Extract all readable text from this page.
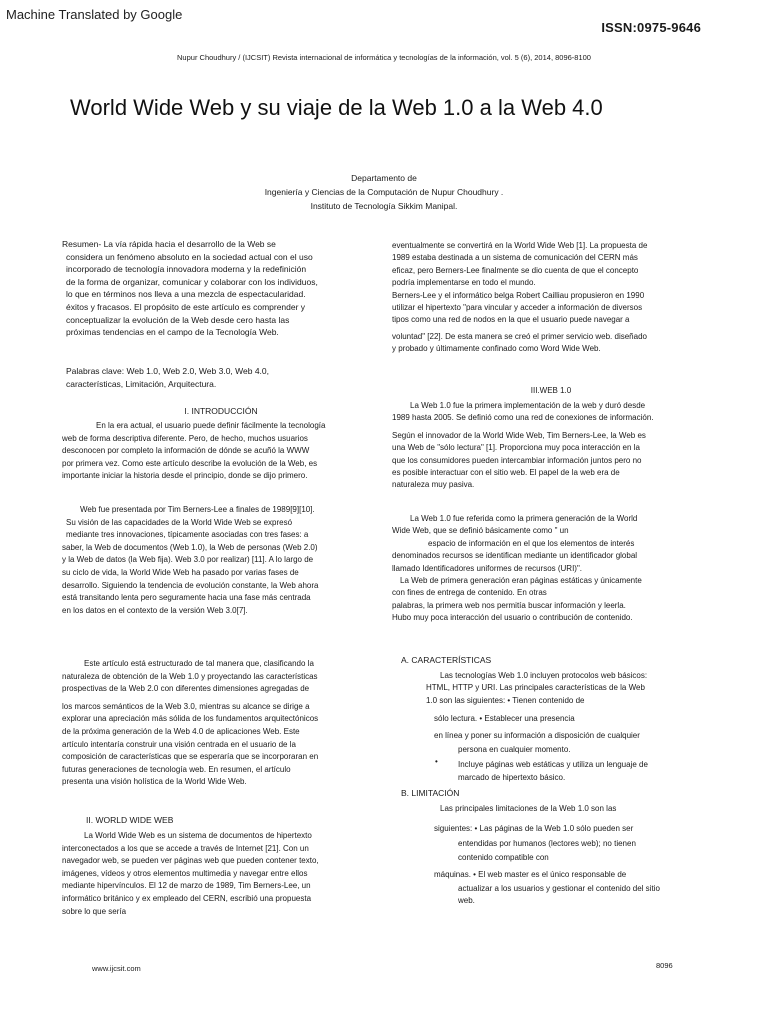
Machine Translated by Google
ISSN:0975-9646
Nupur Choudhury / (IJCSIT) Revista internacional de informática y tecnologías de la información, vol. 5 (6), 2014, 8096-8100
World Wide Web y su viaje de la Web 1.0 a la Web 4.0
Departamento de
Ingeniería y Ciencias de la Computación de Nupur Choudhury .
Instituto de Tecnología Sikkim Manipal.
Resumen- La vía rápida hacia el desarrollo de la Web se
considera un fenómeno absoluto en la sociedad actual con el uso
incorporado de tecnología innovadora moderna y la redefinición
de la forma de organizar, comunicar y colaborar con los individuos,
lo que en términos nos lleva a una mezcla de espectacularidad.
éxitos y fracasos. El propósito de este artículo es comprender y
conceptualizar la evolución de la Web desde cero hasta las
próximas tendencias en el campo de la Tecnología Web.
Palabras clave: Web 1.0, Web 2.0, Web 3.0, Web 4.0,
características, Limitación, Arquitectura.
I. INTRODUCCIÓN
En la era actual, el usuario puede definir fácilmente la tecnología
web de forma descriptiva diferente. Pero, de hecho, muchos usuarios
desconocen por completo la información de dónde se acuñó la WWW
por primera vez. Como este artículo describe la evolución de la Web, es
importante iniciar la historia desde el principio, donde se dijo primero.
Web fue presentada por Tim Berners-Lee a finales de 1989[9][10].
Su visión de las capacidades de la World Wide Web se expresó
mediante tres innovaciones, típicamente asociadas con tres fases: a
saber, la Web de documentos (Web 1.0), la Web de personas (Web 2.0)
y la Web de datos (la Web fija). Web 3.0 por realizar) [11]. A lo largo de
su ciclo de vida, la World Wide Web ha pasado por varias fases de
desarrollo. Siguiendo la tendencia de evolución constante, la Web ahora
está transitando lenta pero seguramente hacia una fase más centrada
en los datos en el contexto de la versión Web 3.0[7].
Este artículo está estructurado de tal manera que, clasificando la
naturaleza de obtención de la Web 1.0 y proyectando las características
prospectivas de la Web 2.0 con diferentes dimensiones agregadas de
los marcos semánticos de la Web 3.0, mientras su alcance se dirige a
explorar una apreciación más sólida de los fundamentos arquitectónicos
de la próxima generación de la Web 4.0 de aplicaciones Web. Este
artículo intentaría construir una visión centrada en el usuario de la
composición de características que se esperaría que se incorporaran en
futuras generaciones de tecnología web. En resumen, el artículo
presenta una visión holística de la World Wide Web.
II. WORLD WIDE WEB
La World Wide Web es un sistema de documentos de hipertexto
interconectados a los que se accede a través de Internet [21]. Con un
navegador web, se pueden ver páginas web que pueden contener texto,
imágenes, vídeos y otros elementos multimedia y navegar entre ellos
mediante hipervínculos. El 12 de marzo de 1989, Tim Berners-Lee, un
informático británico y ex empleado del CERN, escribió una propuesta
sobre lo que sería
eventualmente se convertirá en la World Wide Web [1]. La propuesta de
1989 estaba destinada a un sistema de comunicación del CERN más
eficaz, pero Berners-Lee finalmente se dio cuenta de que el concepto
podría implementarse en todo el mundo.
Berners-Lee y el informático belga Robert Cailliau propusieron en 1990
utilizar el hipertexto "para vincular y acceder a información de diversos
tipos como una red de nodos en la que el usuario puede navegar a
voluntad" [22]. De esta manera se creó el primer servicio web. diseñado
y probado y últimamente confinado como Word Wide Web.
III.WEB 1.0
La Web 1.0 fue la primera implementación de la web y duró desde
1989 hasta 2005. Se definió como una red de conexiones de información.
Según el innovador de la World Wide Web, Tim Berners-Lee, la Web es
una Web de "sólo lectura" [1]. Proporciona muy poca interacción en la
que los consumidores pueden intercambiar información juntos pero no
es posible interactuar con el sitio web. El papel de la web era de
naturaleza muy pasiva.
La Web 1.0 fue referida como la primera generación de la World
Wide Web, que se definió básicamente como " un
espacio de información en el que los elementos de interés
denominados recursos se identifican mediante un identificador global
llamado Identificadores uniformes de recursos (URI)".
La Web de primera generación eran páginas estáticas y únicamente
con fines de entrega de contenido. En otras
palabras, la primera web nos permitía buscar información y leerla.
Hubo muy poca interacción del usuario o contribución de contenido.
A. CARACTERÍSTICAS
Las tecnologías Web 1.0 incluyen protocolos web básicos:
HTML, HTTP y URI. Las principales características de la Web
1.0 son las siguientes: • Tienen contenido de
sólo lectura. • Establecer una presencia
en línea y poner su información a disposición de cualquier
persona en cualquier momento.
•	Incluye páginas web estáticas y utiliza un lenguaje de
marcado de hipertexto básico.
B. LIMITACIÓN
Las principales limitaciones de la Web 1.0 son las
siguientes: • Las páginas de la Web 1.0 sólo pueden ser
entendidas por humanos (lectores web); no tienen
contenido compatible con
máquinas. • El web master es el único responsable de
actualizar a los usuarios y gestionar el contenido del sitio
web.
www.ijcsit.com	8096
